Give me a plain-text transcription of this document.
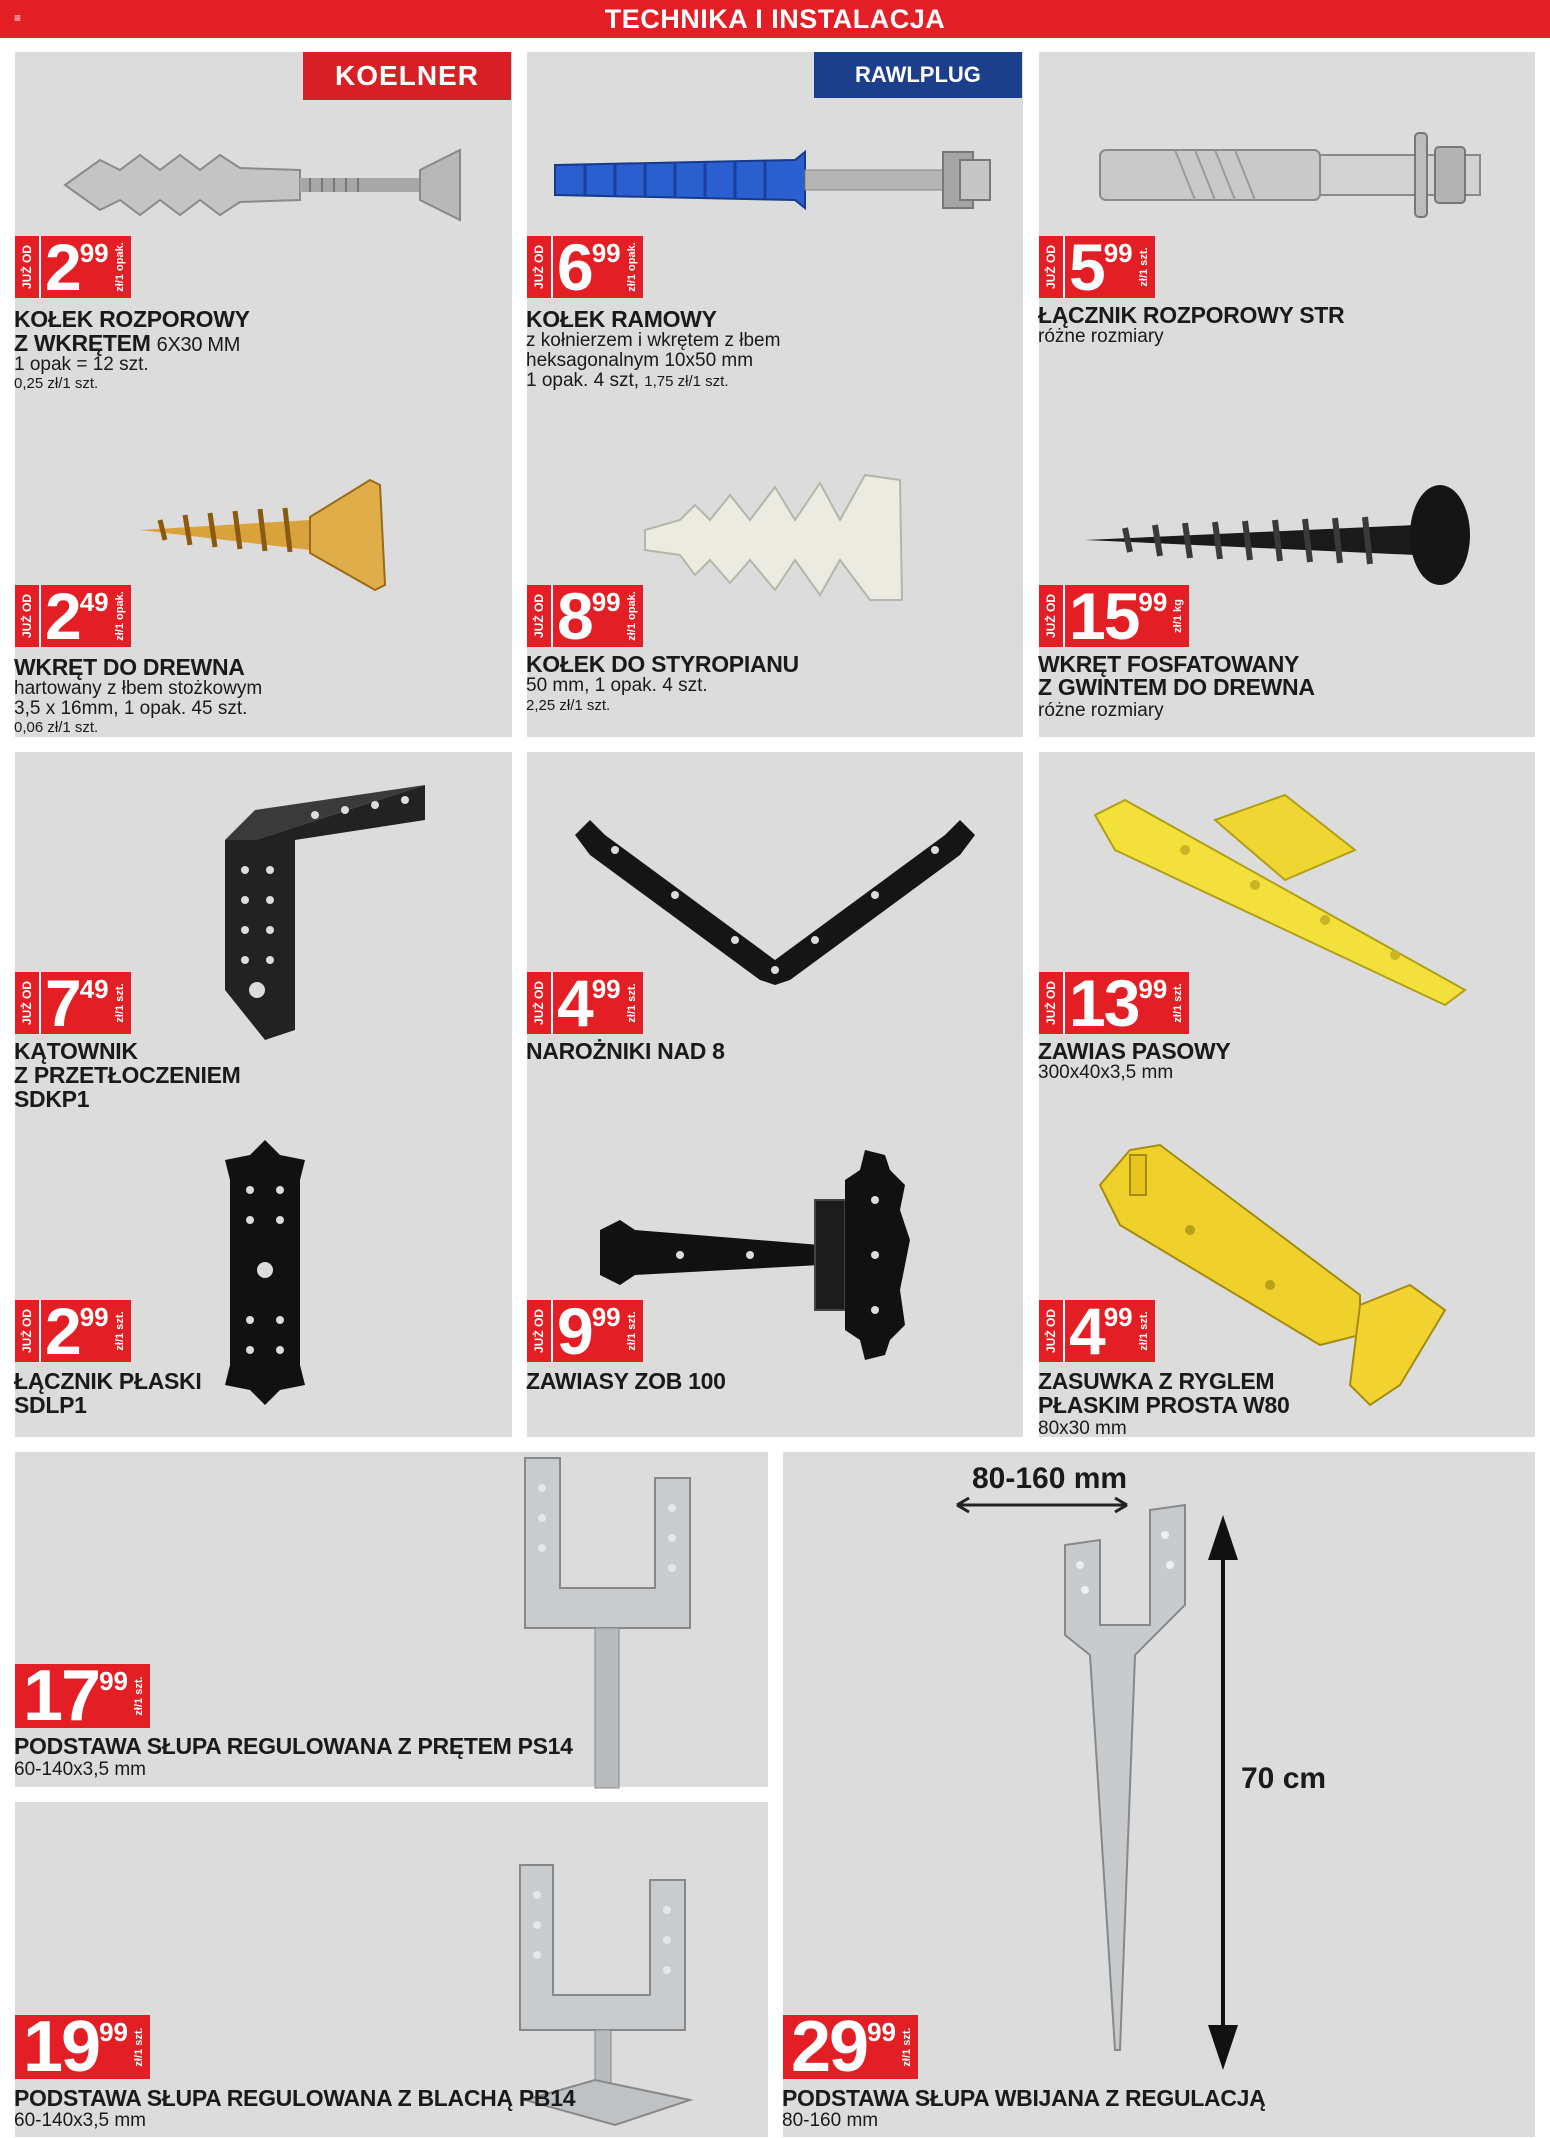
≡	TECHNIKA I INSTALACJA
KOELNER	RAWLPLUG
JUŻ OD 2 99 zł/1 opak.
KOŁEK ROZPOROWY
Z WKRĘTEM 6X30 MM
1 opak = 12 szt.
0,25 zł/1 szt.
JUŻ OD 6 99 zł/1 opak.
KOŁEK RAMOWY
z kołnierzem i wkrętem z łbem
heksagonalnym 10x50 mm
1 opak. 4 szt, 1,75 zł/1 szt.
JUŻ OD 5 99 zł/1 szt.
ŁĄCZNIK ROZPOROWY STR
różne rozmiary
JUŻ OD 2 49 zł/1 opak.
WKRĘT DO DREWNA
hartowany z łbem stożkowym
3,5 x 16mm, 1 opak. 45 szt.
0,06 zł/1 szt.
JUŻ OD 8 99 zł/1 opak.
KOŁEK DO STYROPIANU
50 mm, 1 opak. 4 szt.
2,25 zł/1 szt.
JUŻ OD 15 99 zł/1 kg
WKRĘT FOSFATOWANY
Z GWINTEM DO DREWNA
różne rozmiary
JUŻ OD 7 49 zł/1 szt.
KĄTOWNIK
Z PRZETŁOCZENIEM
SDKP1
JUŻ OD 4 99 zł/1 szt.
NAROŻNIKI NAD 8
JUŻ OD 13 99 zł/1 szt.
ZAWIAS PASOWY
300x40x3,5 mm
JUŻ OD 2 99 zł/1 szt.
ŁĄCZNIK PŁASKI
SDLP1
JUŻ OD 9 99 zł/1 szt.
ZAWIASY ZOB 100
JUŻ OD 4 99 zł/1 szt.
ZASUWKA Z RYGLEM
PŁASKIM PROSTA W80
80x30 mm
17 99 zł/1 szt.
PODSTAWA SŁUPA REGULOWANA Z PRĘTEM PS14
60-140x3,5 mm
19 99 zł/1 szt.
PODSTAWA SŁUPA REGULOWANA Z BLACHĄ PB14
60-140x3,5 mm
80-160 mm
70 cm
29 99 zł/1 szt.
PODSTAWA SŁUPA WBIJANA Z REGULACJĄ
80-160 mm
